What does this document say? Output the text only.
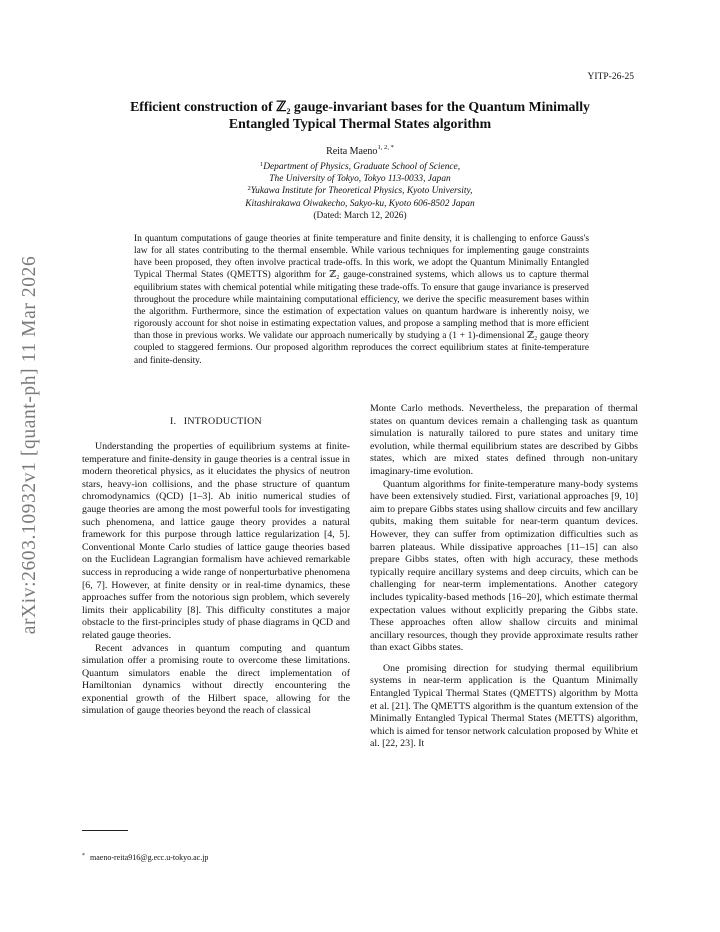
arXiv:2603.10932v1 [quant-ph] 11 Mar 2026
YITP-26-25
Efficient construction of ℤ₂ gauge-invariant bases for the Quantum Minimally
Entangled Typical Thermal States algorithm
Reita Maeno$^{1, 2, *}$
$^1$Department of Physics, Graduate School of Science,
The University of Tokyo, Tokyo 113-0033, Japan
$^2$Yukawa Institute for Theoretical Physics, Kyoto University,
Kitashirakawa Oiwakecho, Sakyo-ku, Kyoto 606-8502 Japan
(Dated: March 12, 2026)
In quantum computations of gauge theories at finite temperature and finite density, it is challenging to enforce Gauss's law for all states contributing to the thermal ensemble. While various techniques for implementing gauge constraints have been proposed, they often involve practical trade-offs. In this work, we adopt the Quantum Minimally Entangled Typical Thermal States (QMETTS) algorithm for ℤ₂ gauge-constrained systems, which allows us to capture thermal equilibrium states with chemical potential while mitigating these trade-offs. To ensure that gauge invariance is preserved throughout the procedure while maintaining computational efficiency, we derive the specific measurement bases within the algorithm. Furthermore, since the estimation of expectation values on quantum hardware is inherently noisy, we rigorously account for shot noise in estimating expectation values, and propose a sampling method that is more efficient than those in previous works. We validate our approach numerically by studying a (1 + 1)-dimensional ℤ₂ gauge theory coupled to staggered fermions. Our proposed algorithm reproduces the correct equilibrium states at finite-temperature and finite-density.
I. INTRODUCTION

Understanding the properties of equilibrium systems at finite-temperature and finite-density in gauge theories is a central issue in modern theoretical physics, as it elucidates the physics of neutron stars, heavy-ion collisions, and the phase structure of quantum chromodynamics (QCD) [1–3]. Ab initio numerical studies of gauge theories are among the most powerful tools for investigating such phenomena, and lattice gauge theory provides a natural framework for this purpose through lattice regularization [4, 5]. Conventional Monte Carlo studies of lattice gauge theories based on the Euclidean Lagrangian formalism have achieved remarkable success in reproducing a wide range of nonperturbative phenomena [6, 7]. However, at finite density or in real-time dynamics, these approaches suffer from the notorious sign problem, which severely limits their applicability [8]. This difficulty constitutes a major obstacle to the first-principles study of phase diagrams in QCD and related gauge theories.

Recent advances in quantum computing and quantum simulation offer a promising route to overcome these limitations. Quantum simulators enable the direct implementation of Hamiltonian dynamics without directly encountering the exponential growth of the Hilbert space, allowing for the simulation of gauge theories beyond the reach of classical

Monte Carlo methods. Nevertheless, the preparation of thermal states on quantum devices remain a challenging task as quantum simulation is naturally tailored to pure states and unitary time evolution, while thermal equilibrium states are described by Gibbs states, which are mixed states defined through non-unitary imaginary-time evolution.

Quantum algorithms for finite-temperature many-body systems have been extensively studied. First, variational approaches [9, 10] aim to prepare Gibbs states using shallow circuits and few ancillary qubits, making them suitable for near-term quantum devices. However, they can suffer from optimization difficulties such as barren plateaus. While dissipative approaches [11–15] can also prepare Gibbs states, often with high accuracy, these methods typically require ancillary systems and deep circuits, which can be challenging for near-term implementations. Another category includes typicality-based methods [16–20], which estimate thermal expectation values without explicitly preparing the Gibbs state. These approaches often allow shallow circuits and minimal ancillary resources, though they provide approximate results rather than exact Gibbs states.

One promising direction for studying thermal equilibrium systems in near-term application is the Quantum Minimally Entangled Typical Thermal States (QMETTS) algorithm by Motta et al. [21]. The QMETTS algorithm is the quantum extension of the Minimally Entangled Typical Thermal States (METTS) algorithm, which is aimed for tensor network calculation proposed by White et al. [22, 23]. It

* maeno-reita916@g.ecc.u-tokyo.ac.jp
